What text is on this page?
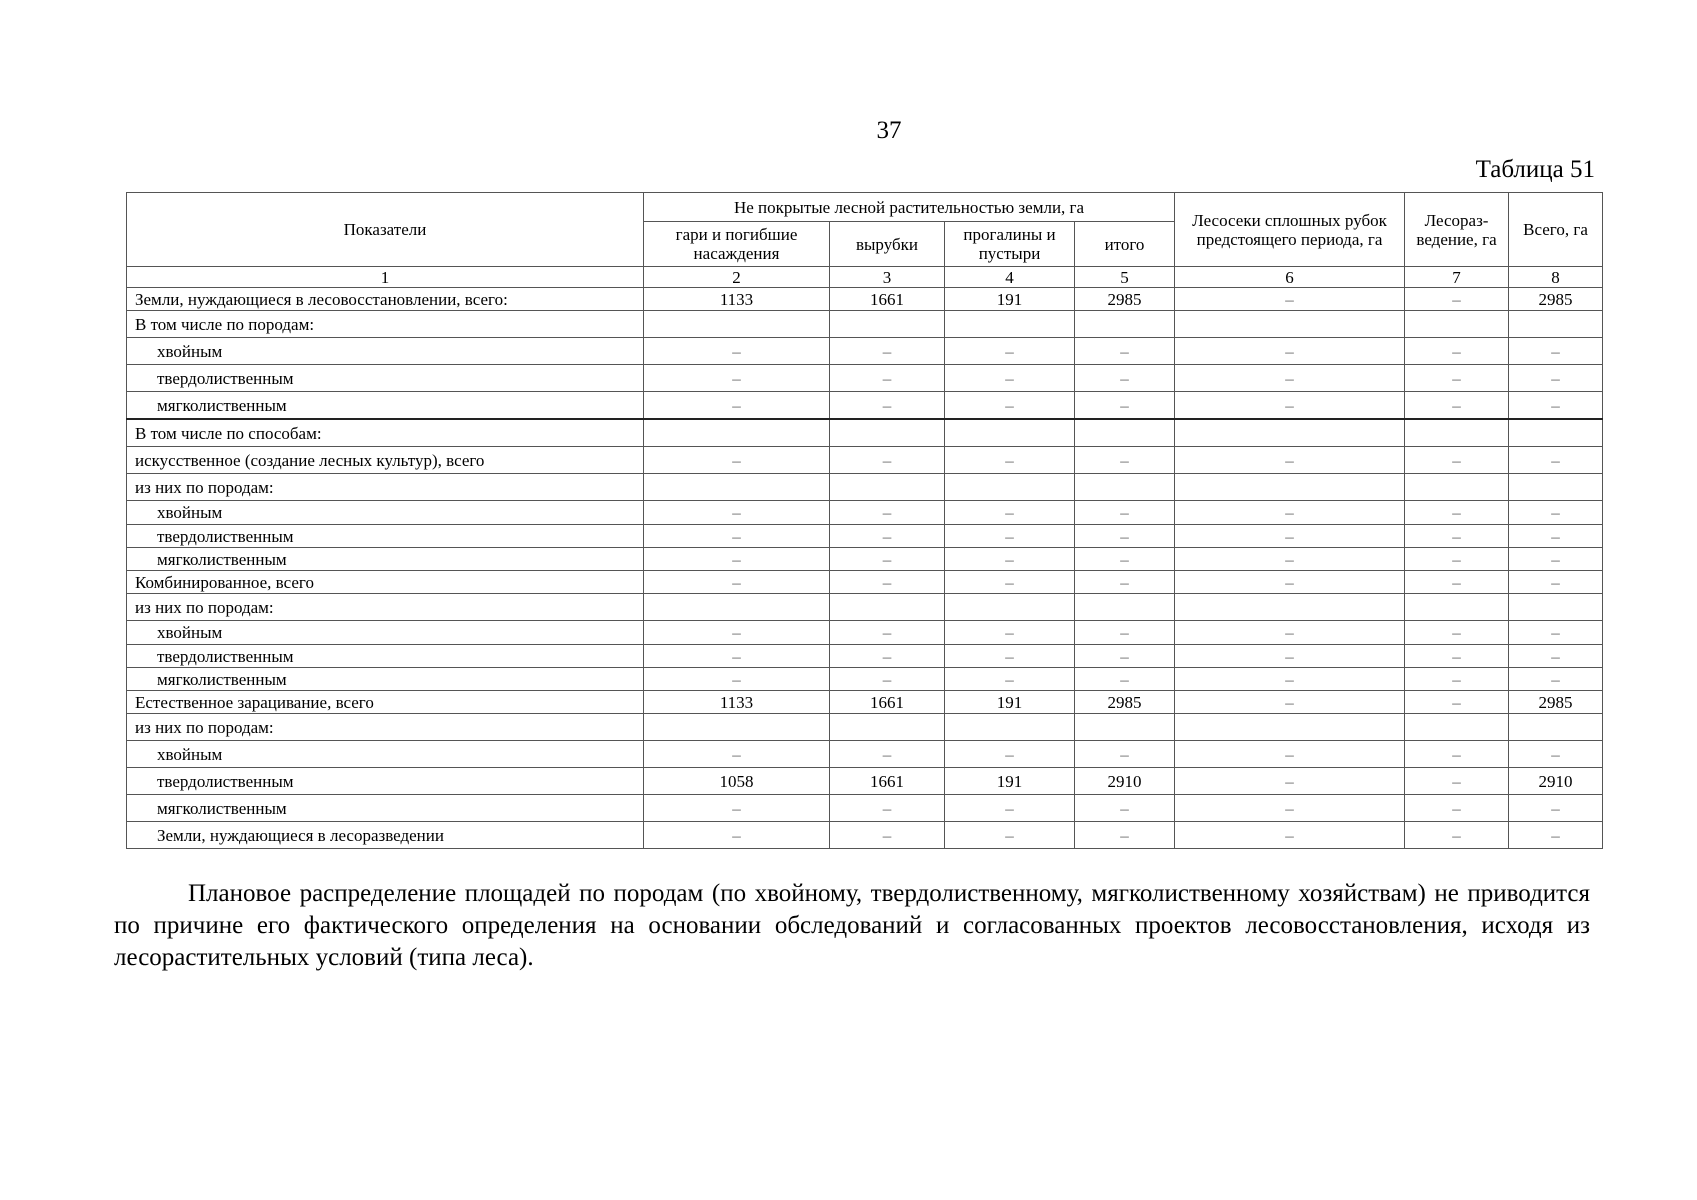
37
Таблица 51
Показатели	Не покрытые лесной растительностью земли, га				Лесосеки сплошных рубок предстоящего периода, га	Лесораз-ведение, га	Всего, га
	гари и погибшие насаждения	вырубки	прогалины и пустыри	итого			
1	2	3	4	5	6	7	8
Земли, нуждающиеся в лесовосстановлении, всего:	1133	1661	191	2985	–	–	2985
В том числе по породам:							
хвойным	–	–	–	–	–	–	–
твердолиственным	–	–	–	–	–	–	–
мягколиственным	–	–	–	–	–	–	–
В том числе по способам:							
искусственное (создание лесных культур), всего	–	–	–	–	–	–	–
из них по породам:							
хвойным	–	–	–	–	–	–	–
твердолиственным	–	–	–	–	–	–	–
мягколиственным	–	–	–	–	–	–	–
Комбинированное, всего	–	–	–	–	–	–	–
из них по породам:							
хвойным	–	–	–	–	–	–	–
твердолиственным	–	–	–	–	–	–	–
мягколиственным	–	–	–	–	–	–	–
Естественное зарацивание, всего	1133	1661	191	2985	–	–	2985
из них по породам:							
хвойным	–	–	–	–	–	–	–
твердолиственным	1058	1661	191	2910	–	–	2910
мягколиственным	–	–	–	–	–	–	–
Земли, нуждающиеся в лесоразведении	–	–	–	–	–	–	–

Плановое распределение площадей по породам (по хвойному, твердолиственному, мягколиственному хозяйствам) не приводится по причине его фактического определения на основании обследований и согласованных проектов лесовосстановления, исходя из лесорастительных условий (типа леса).
